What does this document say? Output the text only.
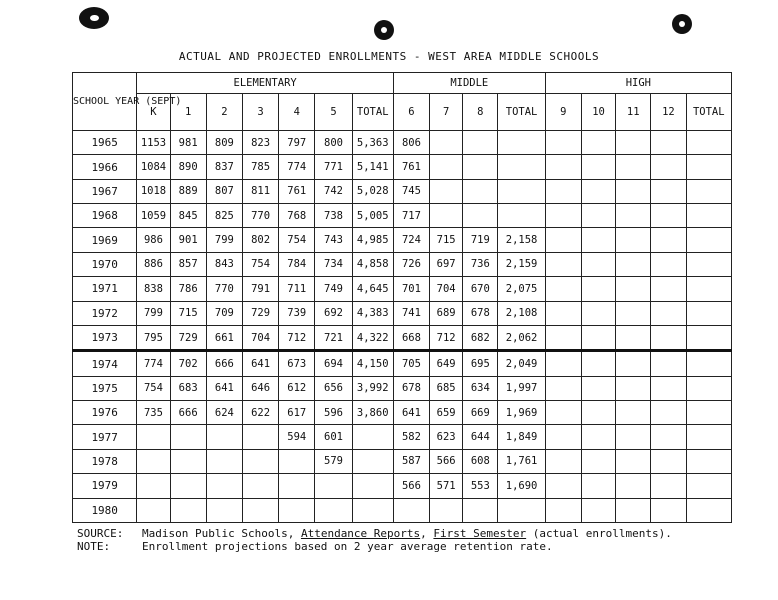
ACTUAL AND PROJECTED ENROLLMENTS - WEST AREA MIDDLE SCHOOLS
SCHOOL YEAR (SEPT)	ELEMENTARY							MIDDLE				HIGH				
	K	1	2	3	4	5	TOTAL	6	7	8	TOTAL	9	10	11	12	TOTAL
1965	1153	981	809	823	797	800	5,363	806								
1966	1084	890	837	785	774	771	5,141	761								
1967	1018	889	807	811	761	742	5,028	745								
1968	1059	845	825	770	768	738	5,005	717								
1969	986	901	799	802	754	743	4,985	724	715	719	2,158					
1970	886	857	843	754	784	734	4,858	726	697	736	2,159					
1971	838	786	770	791	711	749	4,645	701	704	670	2,075					
1972	799	715	709	729	739	692	4,383	741	689	678	2,108					
1973	795	729	661	704	712	721	4,322	668	712	682	2,062					
1974	774	702	666	641	673	694	4,150	705	649	695	2,049					
1975	754	683	641	646	612	656	3,992	678	685	634	1,997					
1976	735	666	624	622	617	596	3,860	641	659	669	1,969					
1977					594	601		582	623	644	1,849					
1978						579		587	566	608	1,761					
1979								566	571	553	1,690					
1980																
SOURCE:	Madison Public Schools, Attendance Reports, First Semester (actual enrollments).
NOTE:	Enrollment projections based on 2 year average retention rate.
